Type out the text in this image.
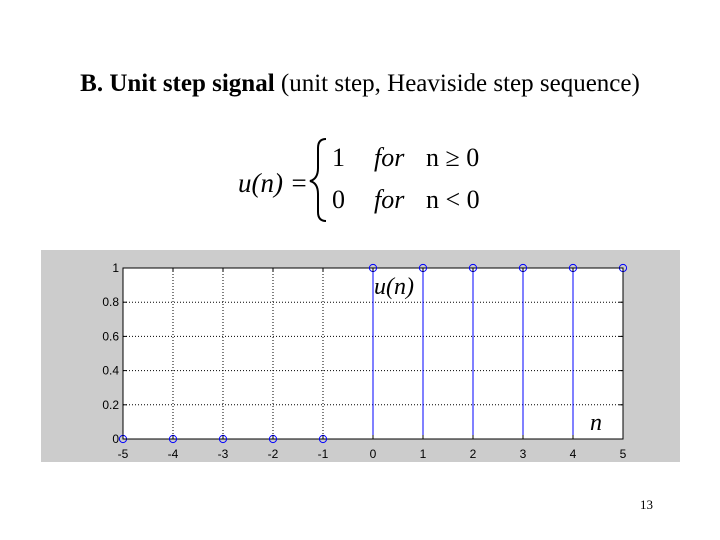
B. Unit step signal (unit step, Heaviside step sequence)
u(n) =
1 for n ≥ 0
0 for n < 0
-5	-4	-3	-2	-1	0	1	2	3	4	5
0
0.2
0.4
0.6
0.8
1
u(n)
n
13
